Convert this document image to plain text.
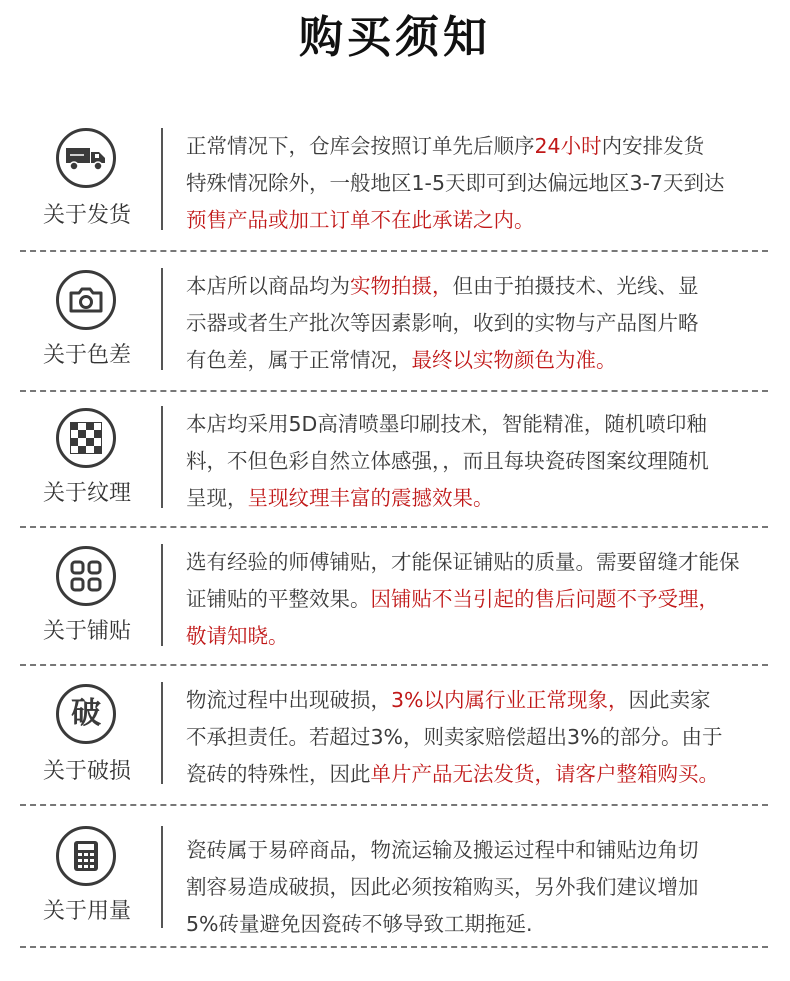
购买须知
关于发货

正常情况下，仓库会按照订单先后顺序24小时内安排发货

特殊情况除外，一般地区1-5天即可到达偏远地区3-7天到达

预售产品或加工订单不在此承诺之内。

关于色差

本店所以商品均为实物拍摄，但由于拍摄技术、光线、显

示器或者生产批次等因素影响，收到的实物与产品图片略

有色差，属于正常情况，最终以实物颜色为准。

关于纹理

本店均采用5D高清喷墨印刷技术，智能精准，随机喷印釉

料，不但色彩自然立体感强，，而且每块瓷砖图案纹理随机

呈现，呈现纹理丰富的震撼效果。

关于铺贴

选有经验的师傅铺贴，才能保证铺贴的质量。需要留缝才能保

证铺贴的平整效果。因铺贴不当引起的售后问题不予受理，

敬请知晓。

破
关于破损

物流过程中出现破损，3%以内属行业正常现象，因此卖家

不承担责任。若超过3%，则卖家赔偿超出3%的部分。由于

瓷砖的特殊性，因此单片产品无法发货，请客户整箱购买。

关于用量

瓷砖属于易碎商品，物流运输及搬运过程中和铺贴边角切

割容易造成破损，因此必须按箱购买，另外我们建议增加

5%砖量避免因瓷砖不够导致工期拖延.
